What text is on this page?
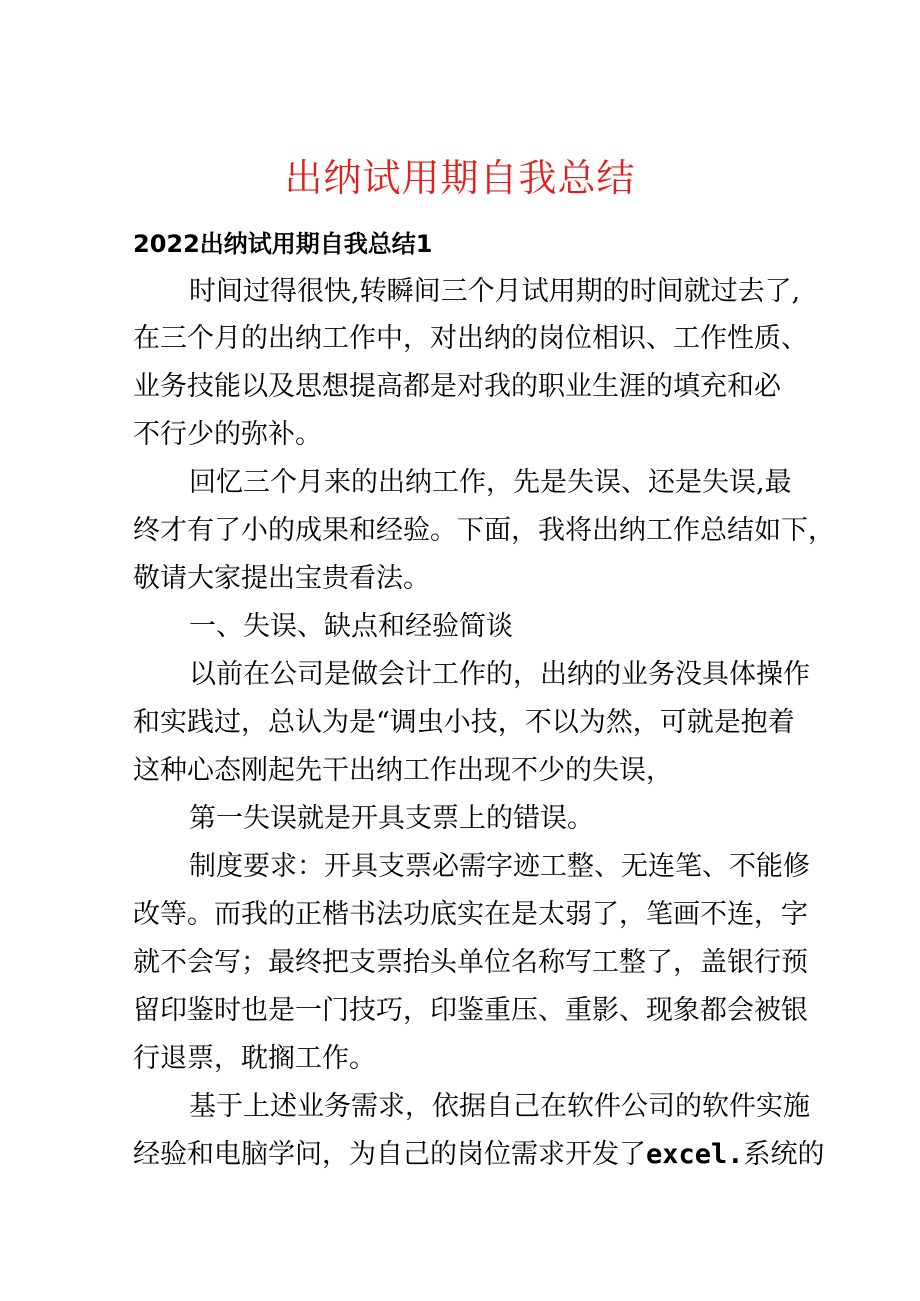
出纳试用期自我总结
2022出纳试用期自我总结1
时间过得很快,转瞬间三个月试用期的时间就过去了,
在三个月的出纳工作中，对出纳的岗位相识、工作性质、
业务技能以及思想提高都是对我的职业生涯的填充和必
不行少的弥补。
回忆三个月来的出纳工作，先是失误、还是失误,最
终才有了小的成果和经验。下面，我将出纳工作总结如下，
敬请大家提出宝贵看法。
一、失误、缺点和经验简谈
以前在公司是做会计工作的，出纳的业务没具体操作
和实践过，总认为是“调虫小技，不以为然，可就是抱着
这种心态刚起先干出纳工作出现不少的失误，
第一失误就是开具支票上的错误。
制度要求：开具支票必需字迹工整、无连笔、不能修
改等。而我的正楷书法功底实在是太弱了，笔画不连，字
就不会写；最终把支票抬头单位名称写工整了，盖银行预
留印鉴时也是一门技巧，印鉴重压、重影、现象都会被银
行退票，耽搁工作。
基于上述业务需求，依据自己在软件公司的软件实施
经验和电脑学问，为自己的岗位需求开发了excel.系统的
